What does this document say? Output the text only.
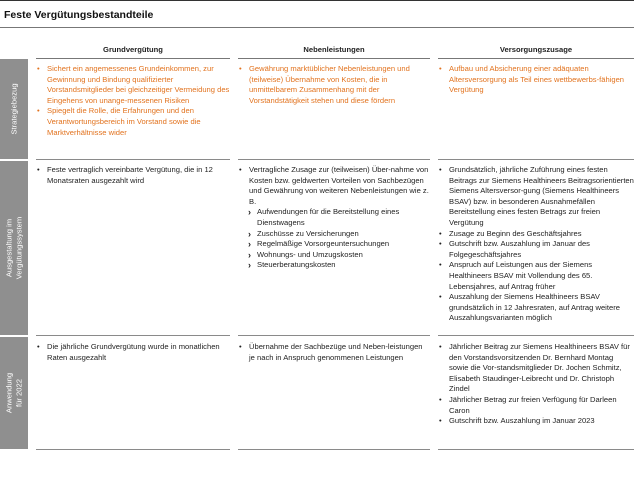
Feste Vergütungsbestandteile
Grundvergütung	Nebenleistungen	Versorgungszusage
Strategiebezug
• Sichert ein angemessenes Grundeinkommen, zur Gewinnung und Bindung qualifizierter Vorstandsmitglieder bei gleichzeitiger Vermeidung des Eingehens von unange-messenen Risiken
• Spiegelt die Rolle, die Erfahrungen und den Verantwortungsbereich im Vorstand sowie die Marktverhältnisse wider
• Gewährung marktüblicher Nebenleistungen und (teilweise) Übernahme von Kosten, die in unmittelbarem Zusammenhang mit der Vorstandstätigkeit stehen und diese fördern
• Aufbau und Absicherung einer adäquaten Altersversorgung als Teil eines wettbewerbs-fähigen Vergütung
Ausgestaltung im Vergütungssystem
• Feste vertraglich vereinbarte Vergütung, die in 12 Monatsraten ausgezahlt wird
• Vertragliche Zusage zur (teilweisen) Über-nahme von Kosten bzw. geldwerten Vorteilen von Sachbezügen und Gewährung von weiteren Nebenleistungen wie z. B.
› Aufwendungen für die Bereitstellung eines Dienstwagens
› Zuschüsse zu Versicherungen
› Regelmäßige Vorsorgeuntersuchungen
› Wohnungs- und Umzugskosten
› Steuerberatungskosten
• Grundsätzlich, jährliche Zuführung eines festen Beitrags zur Siemens Healthineers Beitragsorientierten Siemens Altersversor-gung (Siemens Healthineers BSAV) bzw. in besonderen Ausnahmefällen Bereitstellung eines festen Betrags zur freien Vergütung
• Zusage zu Beginn des Geschäftsjahres
• Gutschrift bzw. Auszahlung im Januar des Folgegeschäftsjahres
• Anspruch auf Leistungen aus der Siemens Healthineers BSAV mit Vollendung des 65. Lebensjahres, auf Antrag früher
• Auszahlung der Siemens Healthineers BSAV grundsätzlich in 12 Jahresraten, auf Antrag weitere Auszahlungsvarianten möglich
Anwendung für 2022
• Die jährliche Grundvergütung wurde in monatlichen Raten ausgezahlt
• Übernahme der Sachbezüge und Neben-leistungen je nach in Anspruch genommenen Leistungen
• Jährlicher Beitrag zur Siemens Healthineers BSAV für den Vorstandsvorsitzenden Dr. Bernhard Montag sowie die Vor-standsmitglieder Dr. Jochen Schmitz, Elisabeth Staudinger-Leibrecht und Dr. Christoph Zindel
• Jährlicher Betrag zur freien Verfügung für Darleen Caron
• Gutschrift bzw. Auszahlung im Januar 2023
